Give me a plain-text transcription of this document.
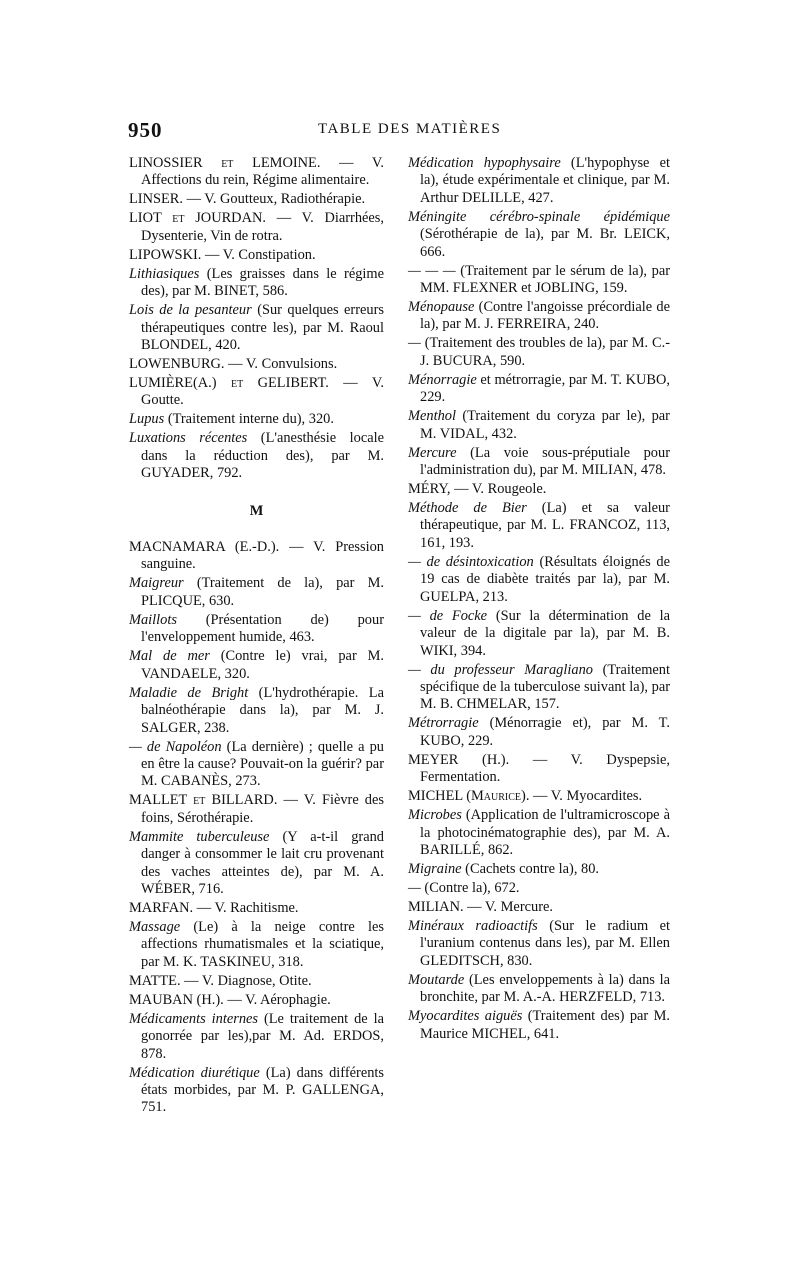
950	TABLE DES MATIÈRES

LINOSSIER et LEMOINE. — V. Affections du rein, Régime alimentaire.

LINSER. — V. Goutteux, Radiothérapie.

LIOT et JOURDAN. — V. Diarrhées, Dysenterie, Vin de rotra.

LIPOWSKI. — V. Constipation.

Lithiasiques (Les graisses dans le régime des), par M. BINET, 586.

Lois de la pesanteur (Sur quelques erreurs thérapeutiques contre les), par M. Raoul BLONDEL, 420.

LOWENBURG. — V. Convulsions.

LUMIÈRE(A.) et GELIBERT. — V. Goutte.

Lupus (Traitement interne du), 320.

Luxations récentes (L'anesthésie locale dans la réduction des), par M. GUYADER, 792.

M

MACNAMARA (E.-D.). — V. Pression sanguine.

Maigreur (Traitement de la), par M. PLICQUE, 630.

Maillots (Présentation de) pour l'enveloppement humide, 463.

Mal de mer (Contre le) vrai, par M. VANDAELE, 320.

Maladie de Bright (L'hydrothérapie. La balnéothérapie dans la), par M. J. SALGER, 238.

— de Napoléon (La dernière) ; quelle a pu en être la cause? Pouvait-on la guérir? par M. CABANÈS, 273.

MALLET et BILLARD. — V. Fièvre des foins, Sérothérapie.

Mammite tuberculeuse (Y a-t-il grand danger à consommer le lait cru provenant des vaches atteintes de), par M. A. WÉBER, 716.

MARFAN. — V. Rachitisme.

Massage (Le) à la neige contre les affections rhumatismales et la sciatique, par M. K. TASKINEU, 318.

MATTE. — V. Diagnose, Otite.

MAUBAN (H.). — V. Aérophagie.

Médicaments internes (Le traitement de la gonorrée par les),par M. Ad. ERDOS, 878.

Médication diurétique (La) dans différents états morbides, par M. P. GALLENGA, 751.

Médication hypophysaire (L'hypophyse et la), étude expérimentale et clinique, par M. Arthur DELILLE, 427.

Méningite cérébro-spinale épidémique (Sérothérapie de la), par M. Br. LEICK, 666.

— — — (Traitement par le sérum de la), par MM. FLEXNER et JOBLING, 159.

Ménopause (Contre l'angoisse précordiale de la), par M. J. FERREIRA, 240.

— (Traitement des troubles de la), par M. C.-J. BUCURA, 590.

Ménorragie et métrorragie, par M. T. KUBO, 229.

Menthol (Traitement du coryza par le), par M. VIDAL, 432.

Mercure (La voie sous-préputiale pour l'administration du), par M. MILIAN, 478.

MÉRY, — V. Rougeole.

Méthode de Bier (La) et sa valeur thérapeutique, par M. L. FRANCOZ, 113, 161, 193.

— de désintoxication (Résultats éloignés de 19 cas de diabète traités par la), par M. GUELPA, 213.

— de Focke (Sur la détermination de la valeur de la digitale par la), par M. B. WIKI, 394.

— du professeur Maragliano (Traitement spécifique de la tuberculose suivant la), par M. B. CHMELAR, 157.

Métrorragie (Ménorragie et), par M. T. KUBO, 229.

MEYER (H.). — V. Dyspepsie, Fermentation.

MICHEL (Maurice). — V. Myocardites.

Microbes (Application de l'ultramicroscope à la photocinématographie des), par M. A. BARILLÉ, 862.

Migraine (Cachets contre la), 80.

— (Contre la), 672.

MILIAN. — V. Mercure.

Minéraux radioactifs (Sur le radium et l'uranium contenus dans les), par M. Ellen GLEDITSCH, 830.

Moutarde (Les enveloppements à la) dans la bronchite, par M. A.-A. HERZFELD, 713.

Myocardites aiguës (Traitement des) par M. Maurice MICHEL, 641.
